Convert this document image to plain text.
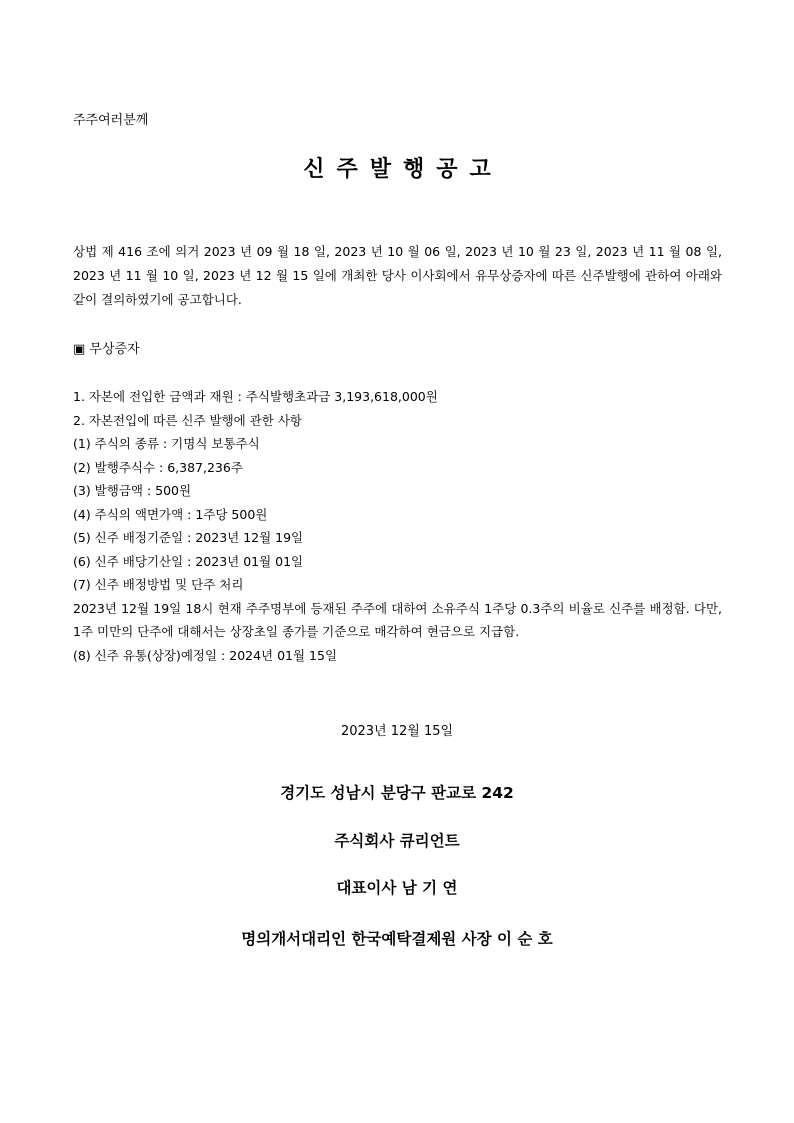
주주여러분께
신주발행공고
상법 제 416 조에 의거 2023 년 09 월 18 일, 2023 년 10 월 06 일, 2023 년 10 월 23 일, 2023 년 11 월 08 일, 2023 년 11 월 10 일, 2023 년 12 월 15 일에 개최한 당사 이사회에서 유무상증자에 따른 신주발행에 관하여 아래와 같이 결의하였기에 공고합니다.
▣ 무상증자
1. 자본에 전입한 금액과 재원 : 주식발행초과금 3,193,618,000원
2. 자본전입에 따른 신주 발행에 관한 사항
(1) 주식의 종류 : 기명식 보통주식
(2) 발행주식수 : 6,387,236주
(3) 발행금액 : 500원
(4) 주식의 액면가액 : 1주당 500원
(5) 신주 배정기준일 : 2023년 12월 19일
(6) 신주 배당기산일 : 2023년 01월 01일
(7) 신주 배정방법 및 단주 처리
2023년 12월 19일 18시 현재 주주명부에 등재된 주주에 대하여 소유주식 1주당 0.3주의 비율로 신주를 배정함. 다만, 1주 미만의 단주에 대해서는 상장초일 종가를 기준으로 매각하여 현금으로 지급함.
(8) 신주 유통(상장)예정일 : 2024년 01월 15일
2023년 12월 15일
경기도 성남시 분당구 판교로 242
주식회사 큐리언트
대표이사 남 기 연
명의개서대리인 한국예탁결제원 사장 이 순 호
